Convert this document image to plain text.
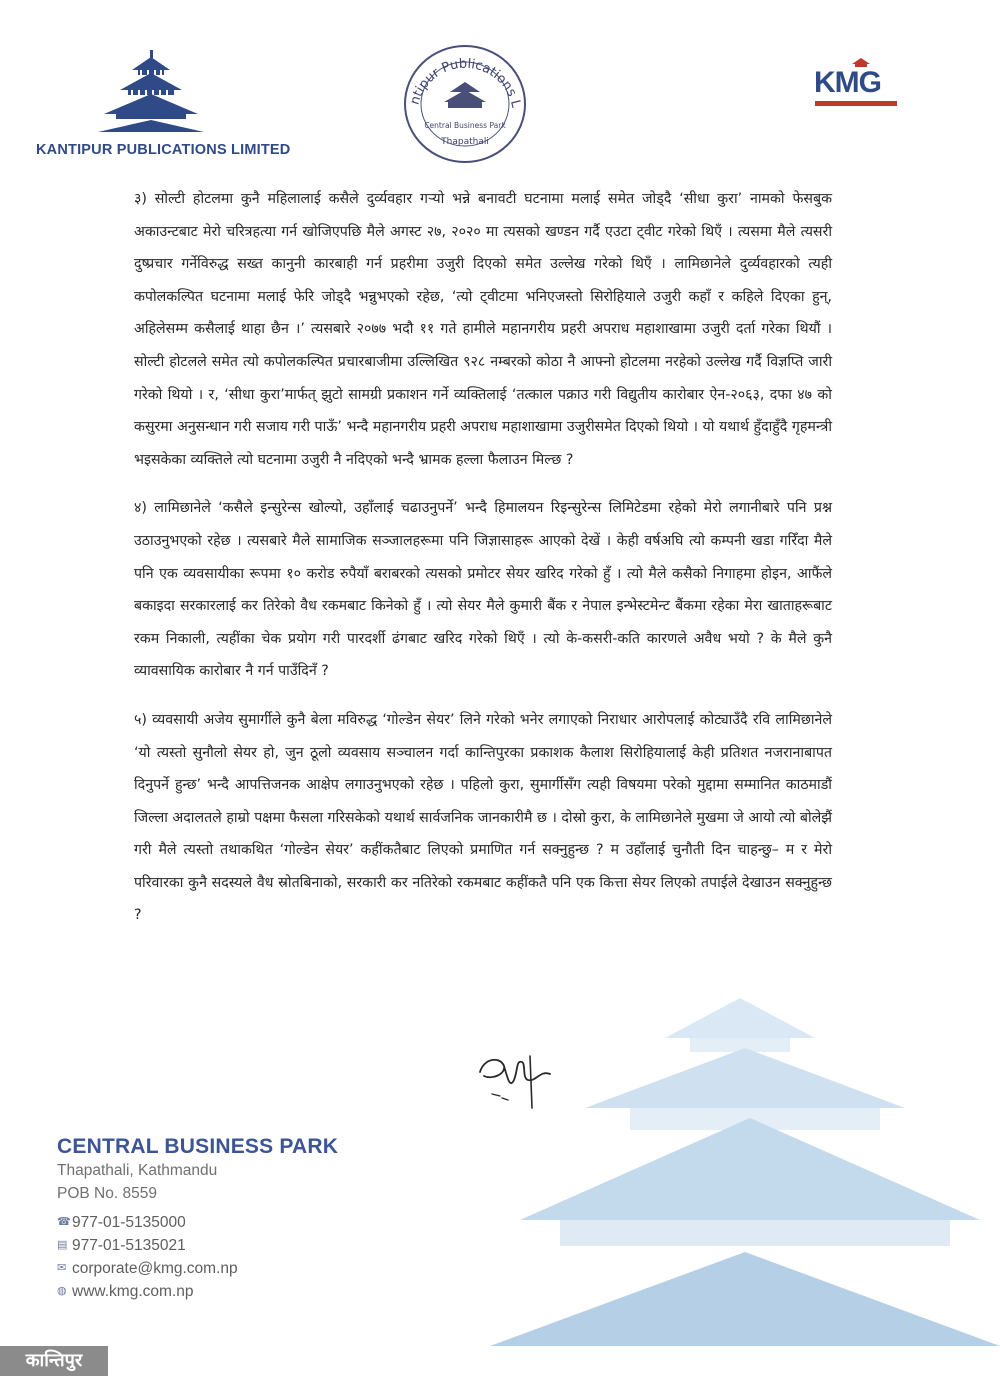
KANTIPUR PUBLICATIONS LIMITED
ntipur Publications L
Central Business Park
Thapathali
KMG

३) सोल्टी होटलमा कुनै महिलालाई कसैले दुर्व्यवहार गऱ्यो भन्ने बनावटी घटनामा मलाई समेत जोड्दै ‘सीधा कुरा’ नामको फेसबुक अकाउन्टबाट मेरो चरित्रहत्या गर्न खोजिएपछि मैले अगस्ट २७, २०२० मा त्यसको खण्डन गर्दै एउटा ट्वीट गरेको थिएँ । त्यसमा मैले त्यसरी दुष्प्रचार गर्नेविरुद्ध सख्त कानुनी कारबाही गर्न प्रहरीमा उजुरी दिएको समेत उल्लेख गरेको थिएँ । लामिछानेले दुर्व्यवहारको त्यही कपोलकल्पित घटनामा मलाई फेरि जोड्दै भन्नुभएको रहेछ, ‘त्यो ट्वीटमा भनिएजस्तो सिरोहियाले उजुरी कहाँ र कहिले दिएका हुन्, अहिलेसम्म कसैलाई थाहा छैन ।’ त्यसबारे २०७७ भदौ ११ गते हामीले महानगरीय प्रहरी अपराध महाशाखामा उजुरी दर्ता गरेका थियौं । सोल्टी होटलले समेत त्यो कपोलकल्पित प्रचारबाजीमा उल्लिखित ९२८ नम्बरको कोठा नै आफ्नो होटलमा नरहेको उल्लेख गर्दै विज्ञप्ति जारी गरेको थियो । र, ‘सीधा कुरा’मार्फत् झुटो सामग्री प्रकाशन गर्ने व्यक्तिलाई ‘तत्काल पक्राउ गरी विद्युतीय कारोबार ऐन-२०६३, दफा ४७ को कसुरमा अनुसन्धान गरी सजाय गरी पाऊँ’ भन्दै महानगरीय प्रहरी अपराध महाशाखामा उजुरीसमेत दिएको थियो । यो यथार्थ हुँदाहुँदै गृहमन्त्री भइसकेका व्यक्तिले त्यो घटनामा उजुरी नै नदिएको भन्दै भ्रामक हल्ला फैलाउन मिल्छ ?

४) लामिछानेले ‘कसैले इन्सुरेन्स खोल्यो, उहाँलाई चढाउनुपर्ने’ भन्दै हिमालयन रिइन्सुरेन्स लिमिटेडमा रहेको मेरो लगानीबारे पनि प्रश्न उठाउनुभएको रहेछ । त्यसबारे मैले सामाजिक सञ्जालहरूमा पनि जिज्ञासाहरू आएको देखें । केही वर्षअघि त्यो कम्पनी खडा गरिँदा मैले पनि एक व्यवसायीका रूपमा १० करोड रुपैयाँ बराबरको त्यसको प्रमोटर सेयर खरिद गरेको हुँ । त्यो मैले कसैको निगाहमा होइन, आफैंले बकाइदा सरकारलाई कर तिरेको वैध रकमबाट किनेको हुँ । त्यो सेयर मैले कुमारी बैंक र नेपाल इन्भेस्टमेन्ट बैंकमा रहेका मेरा खाताहरूबाट रकम निकाली, त्यहींका चेक प्रयोग गरी पारदर्शी ढंगबाट खरिद गरेको थिएँ । त्यो के-कसरी-कति कारणले अवैध भयो ? के मैले कुनै व्यावसायिक कारोबार नै गर्न पाउँदिनँ ?

५) व्यवसायी अजेय सुमार्गीले कुनै बेला मविरुद्ध ‘गोल्डेन सेयर’ लिने गरेको भनेर लगाएको निराधार आरोपलाई कोट्याउँदै रवि लामिछानेले ‘यो त्यस्तो सुनौलो सेयर हो, जुन ठूलो व्यवसाय सञ्चालन गर्दा कान्तिपुरका प्रकाशक कैलाश सिरोहियालाई केही प्रतिशत नजरानाबापत दिनुपर्ने हुन्छ’ भन्दै आपत्तिजनक आक्षेप लगाउनुभएको रहेछ । पहिलो कुरा, सुमार्गीसँग त्यही विषयमा परेको मुद्दामा सम्मानित काठमाडौं जिल्ला अदालतले हाम्रो पक्षमा फैसला गरिसकेको यथार्थ सार्वजनिक जानकारीमै छ । दोस्रो कुरा, के लामिछानेले मुखमा जे आयो त्यो बोलेझैं गरी मैले त्यस्तो तथाकथित ‘गोल्डेन सेयर’ कहींकतैबाट लिएको प्रमाणित गर्न सक्नुहुन्छ ? म उहाँलाई चुनौती दिन चाहन्छु– म र मेरो परिवारका कुनै सदस्यले वैध स्रोतबिनाको, सरकारी कर नतिरेको रकमबाट कहींकतै पनि एक कित्ता सेयर लिएको तपाईले देखाउन सक्नुहुन्छ ?

CENTRAL BUSINESS PARK
Thapathali, Kathmandu
POB No. 8559
☎ 977-01-5135000
▤ 977-01-5135021
✉ corporate@kmg.com.np
◍ www.kmg.com.np
कान्तिपुर
